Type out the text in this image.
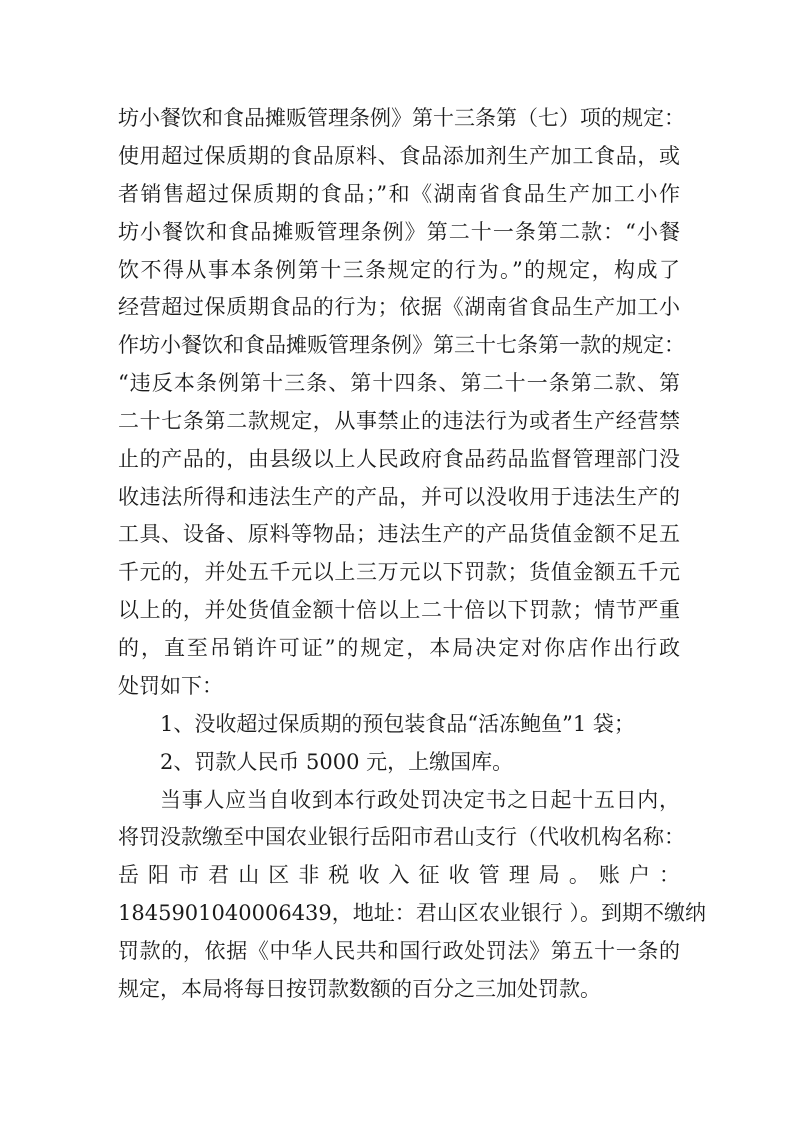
坊小餐饮和食品摊贩管理条例》第十三条第（七）项的规定：
使用超过保质期的食品原料、食品添加剂生产加工食品，或
者销售超过保质期的食品；”和《湖南省食品生产加工小作
坊小餐饮和食品摊贩管理条例》第二十一条第二款：“小餐
饮不得从事本条例第十三条规定的行为。”的规定，构成了
经营超过保质期食品的行为；依据《湖南省食品生产加工小
作坊小餐饮和食品摊贩管理条例》第三十七条第一款的规定：
“违反本条例第十三条、第十四条、第二十一条第二款、第
二十七条第二款规定，从事禁止的违法行为或者生产经营禁
止的产品的，由县级以上人民政府食品药品监督管理部门没
收违法所得和违法生产的产品，并可以没收用于违法生产的
工具、设备、原料等物品；违法生产的产品货值金额不足五
千元的，并处五千元以上三万元以下罚款；货值金额五千元
以上的，并处货值金额十倍以上二十倍以下罚款；情节严重
的，直至吊销许可证”的规定，本局决定对你店作出行政
处罚如下：
1、没收超过保质期的预包装食品“活冻鲍鱼”1 袋；
2、罚款人民币 5000 元，上缴国库。
当事人应当自收到本行政处罚决定书之日起十五日内，
将罚没款缴至中国农业银行岳阳市君山支行（代收机构名称：
岳阳市君山区非税收入征收管理局。账户：
1845901040006439，地址：君山区农业银行 ）。到期不缴纳
罚款的，依据《中华人民共和国行政处罚法》第五十一条的
规定，本局将每日按罚款数额的百分之三加处罚款。
